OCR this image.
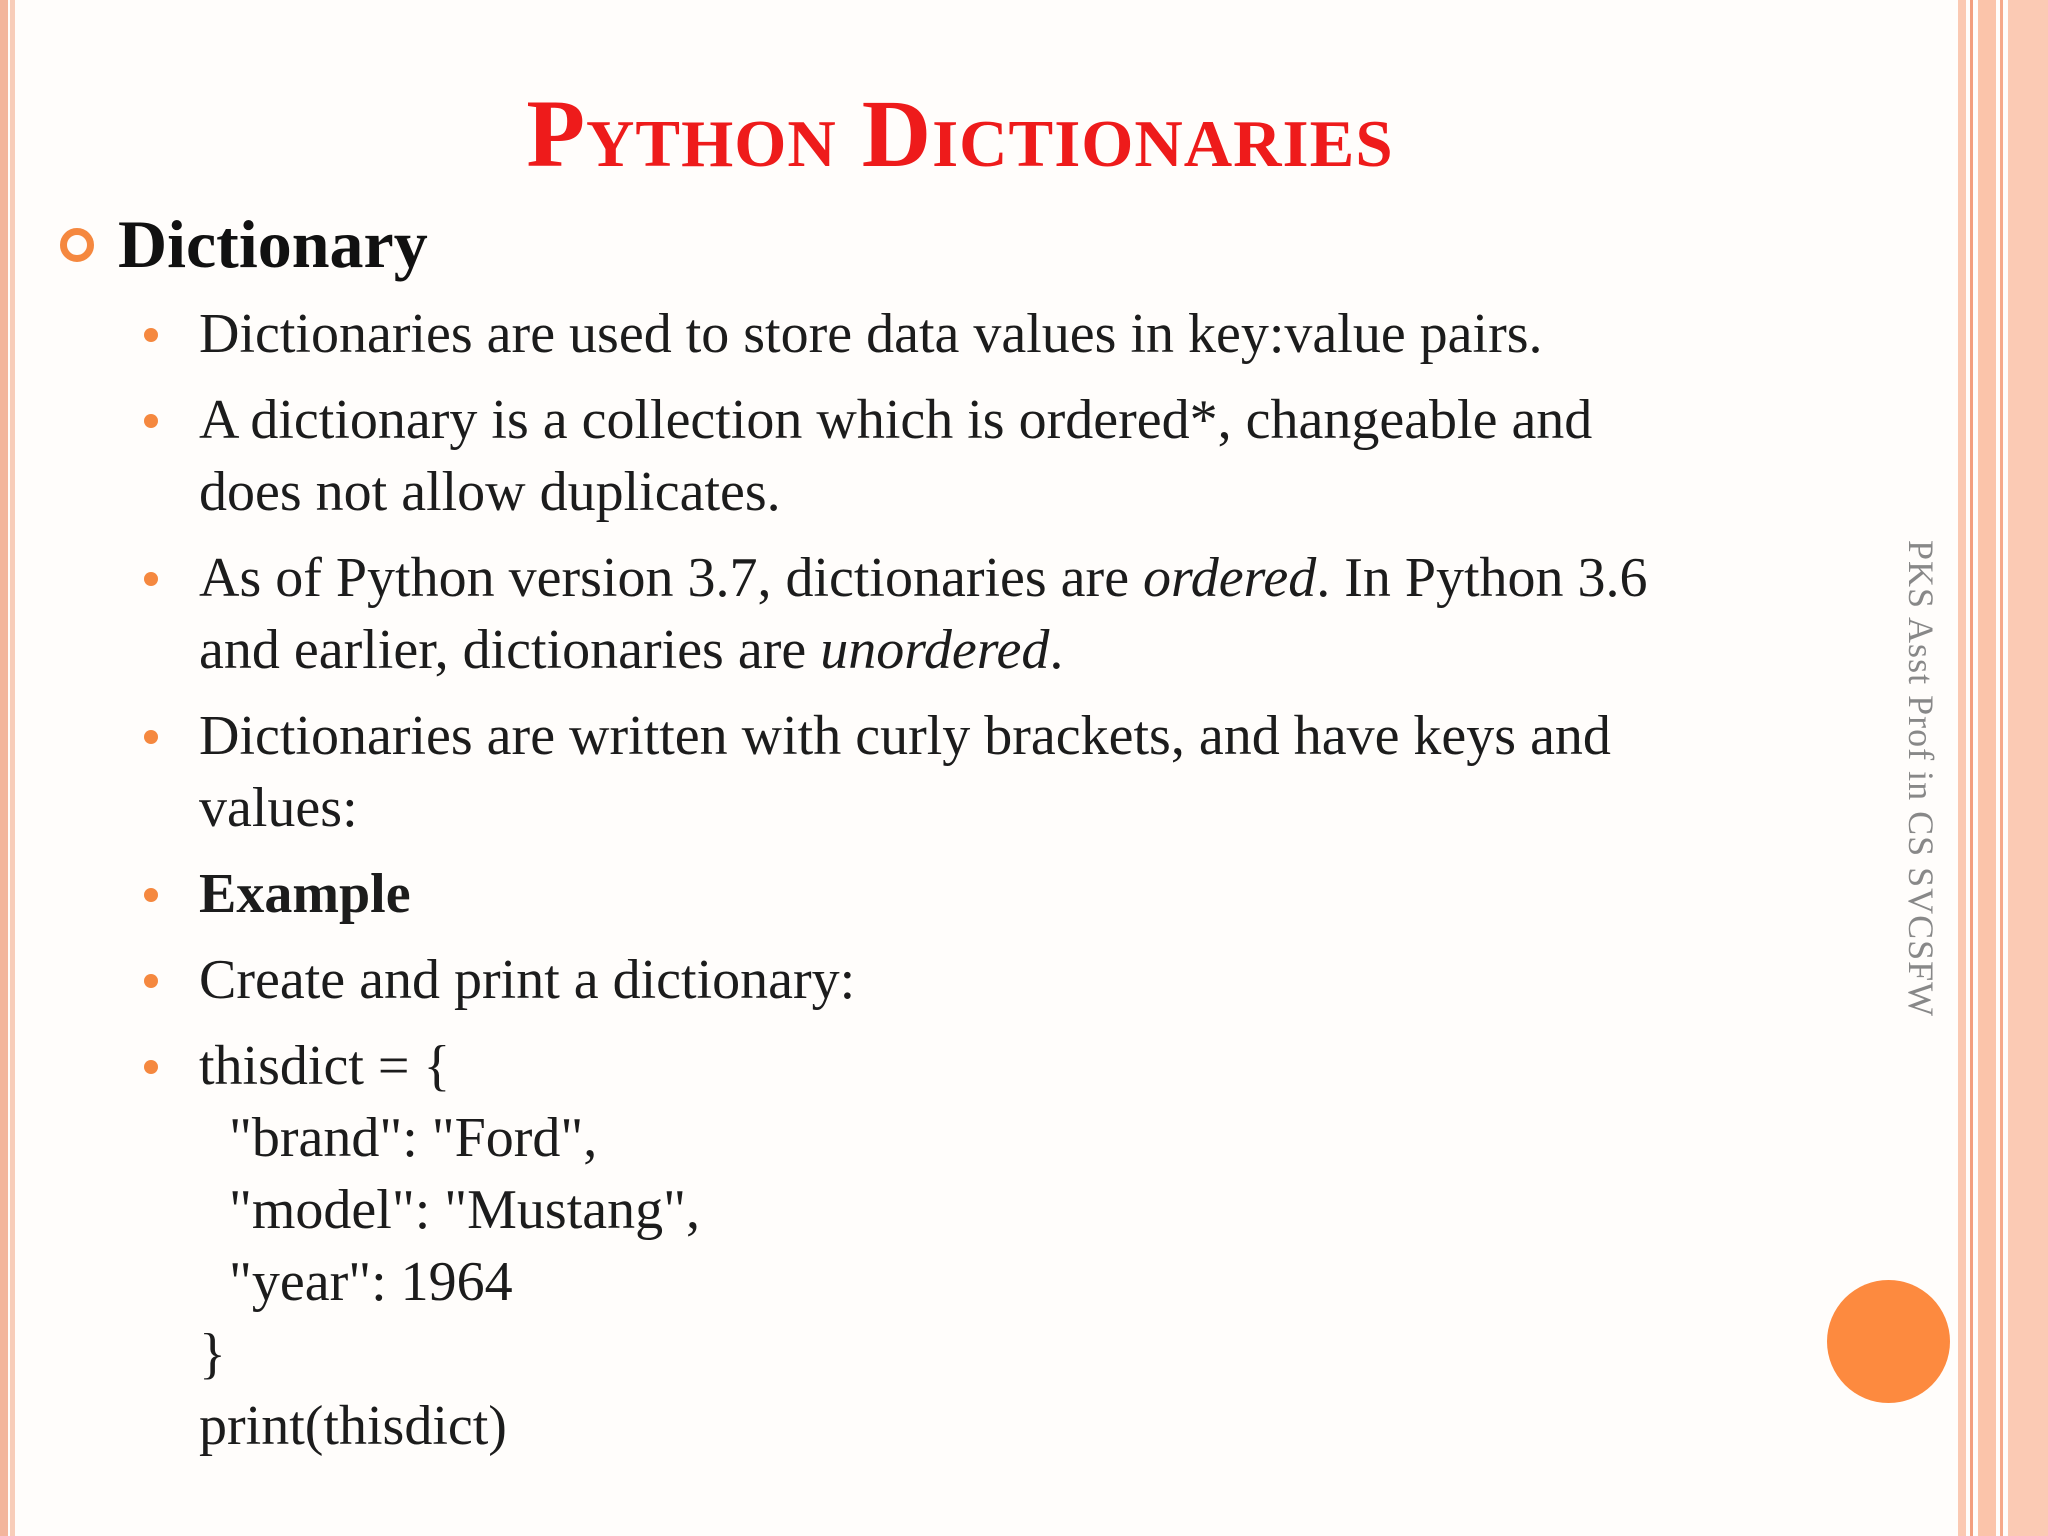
Python Dictionaries
Dictionary
Dictionaries are used to store data values in key:value pairs.
A dictionary is a collection which is ordered*, changeable and
does not allow duplicates.
As of Python version 3.7, dictionaries are ordered. In Python 3.6
and earlier, dictionaries are unordered.
Dictionaries are written with curly brackets, and have keys and
values:
Example
Create and print a dictionary:
thisdict = {
"brand": "Ford",
"model": "Mustang",
"year": 1964
}
print(thisdict)
PKS Asst Prof in CS SVCSFW
